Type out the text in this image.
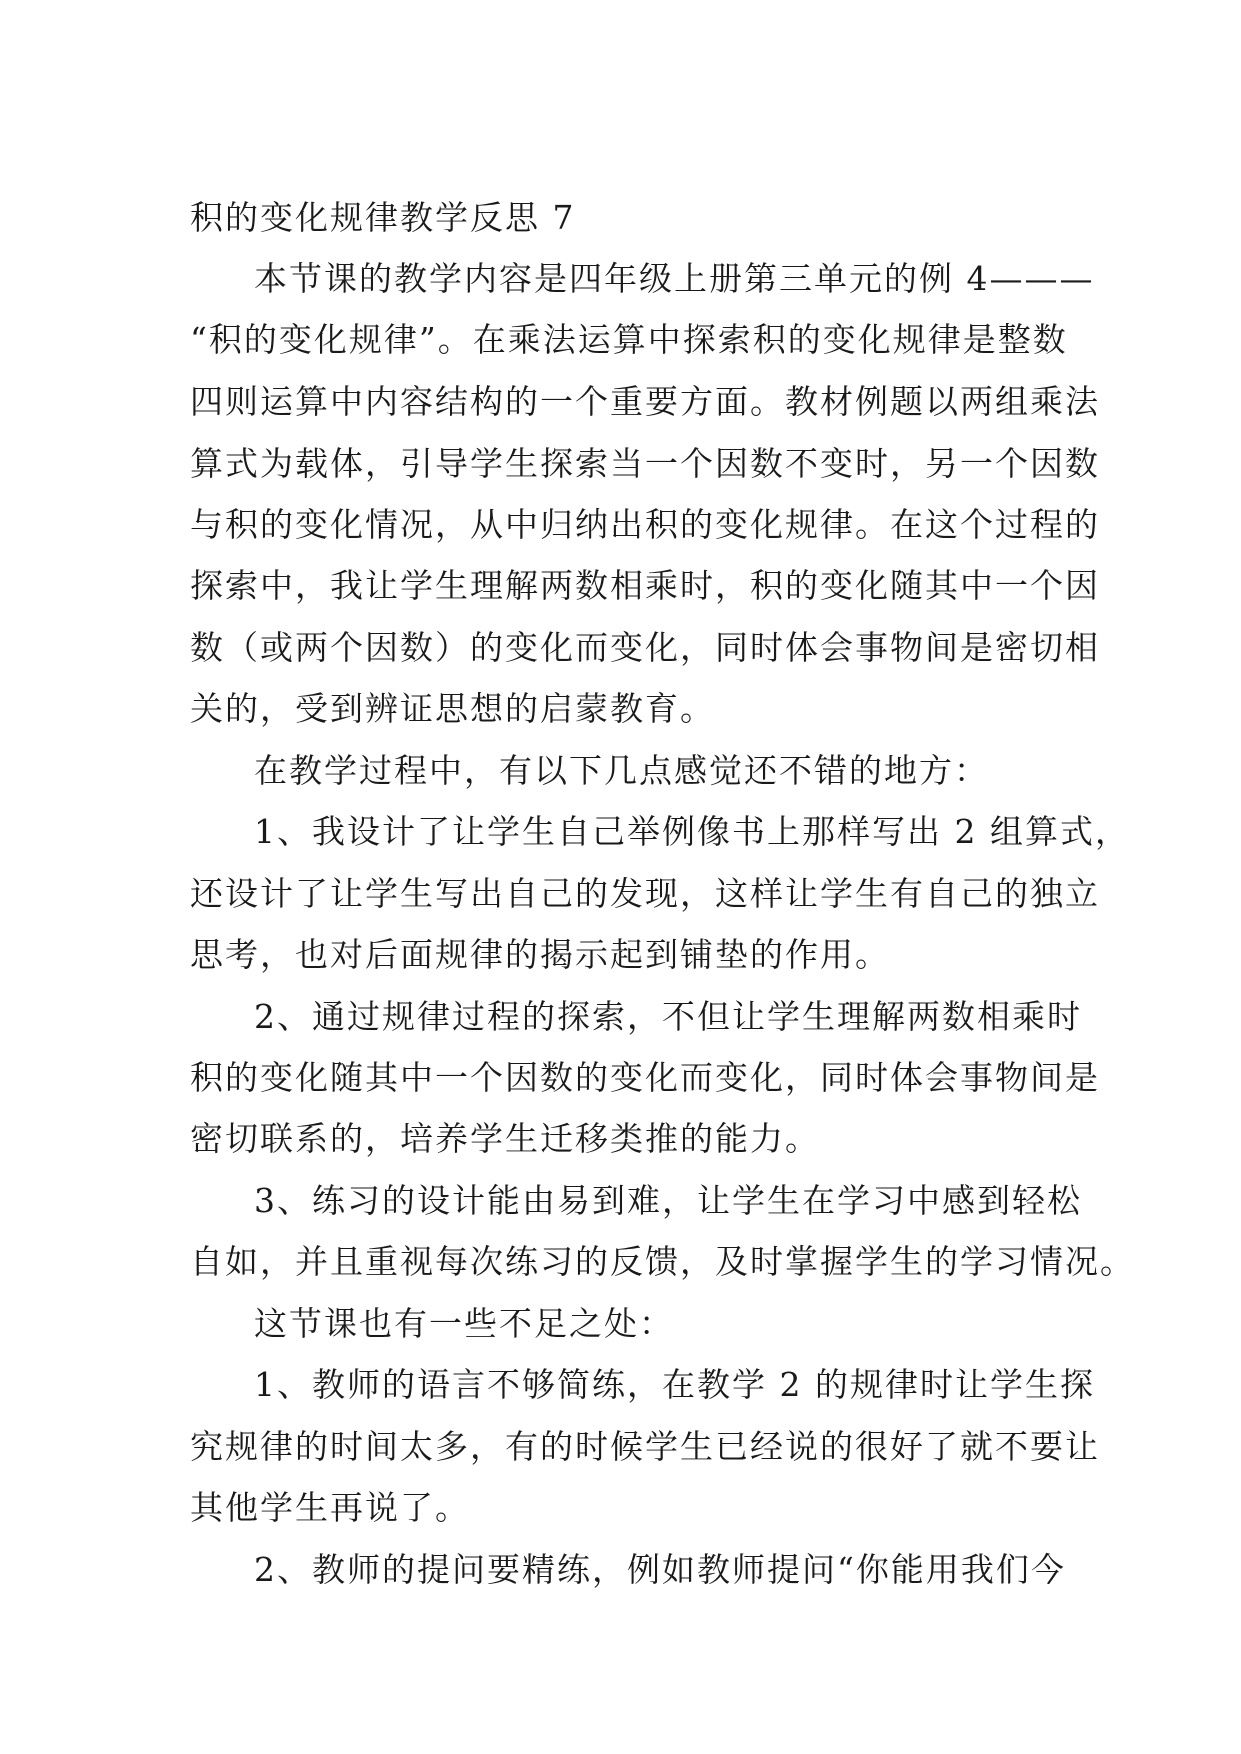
积的变化规律教学反思 7
本节课的教学内容是四年级上册第三单元的例 4———
“积的变化规律”。在乘法运算中探索积的变化规律是整数
四则运算中内容结构的一个重要方面。教材例题以两组乘法
算式为载体，引导学生探索当一个因数不变时，另一个因数
与积的变化情况，从中归纳出积的变化规律。在这个过程的
探索中，我让学生理解两数相乘时，积的变化随其中一个因
数（或两个因数）的变化而变化，同时体会事物间是密切相
关的，受到辨证思想的启蒙教育。
在教学过程中，有以下几点感觉还不错的地方：
1、我设计了让学生自己举例像书上那样写出 2 组算式，
还设计了让学生写出自己的发现，这样让学生有自己的独立
思考，也对后面规律的揭示起到铺垫的作用。
2、通过规律过程的探索，不但让学生理解两数相乘时
积的变化随其中一个因数的变化而变化，同时体会事物间是
密切联系的，培养学生迁移类推的能力。
3、练习的设计能由易到难，让学生在学习中感到轻松
自如，并且重视每次练习的反馈，及时掌握学生的学习情况。
这节课也有一些不足之处：
1、教师的语言不够简练，在教学 2 的规律时让学生探
究规律的时间太多，有的时候学生已经说的很好了就不要让
其他学生再说了。
2、教师的提问要精练，例如教师提问“你能用我们今
